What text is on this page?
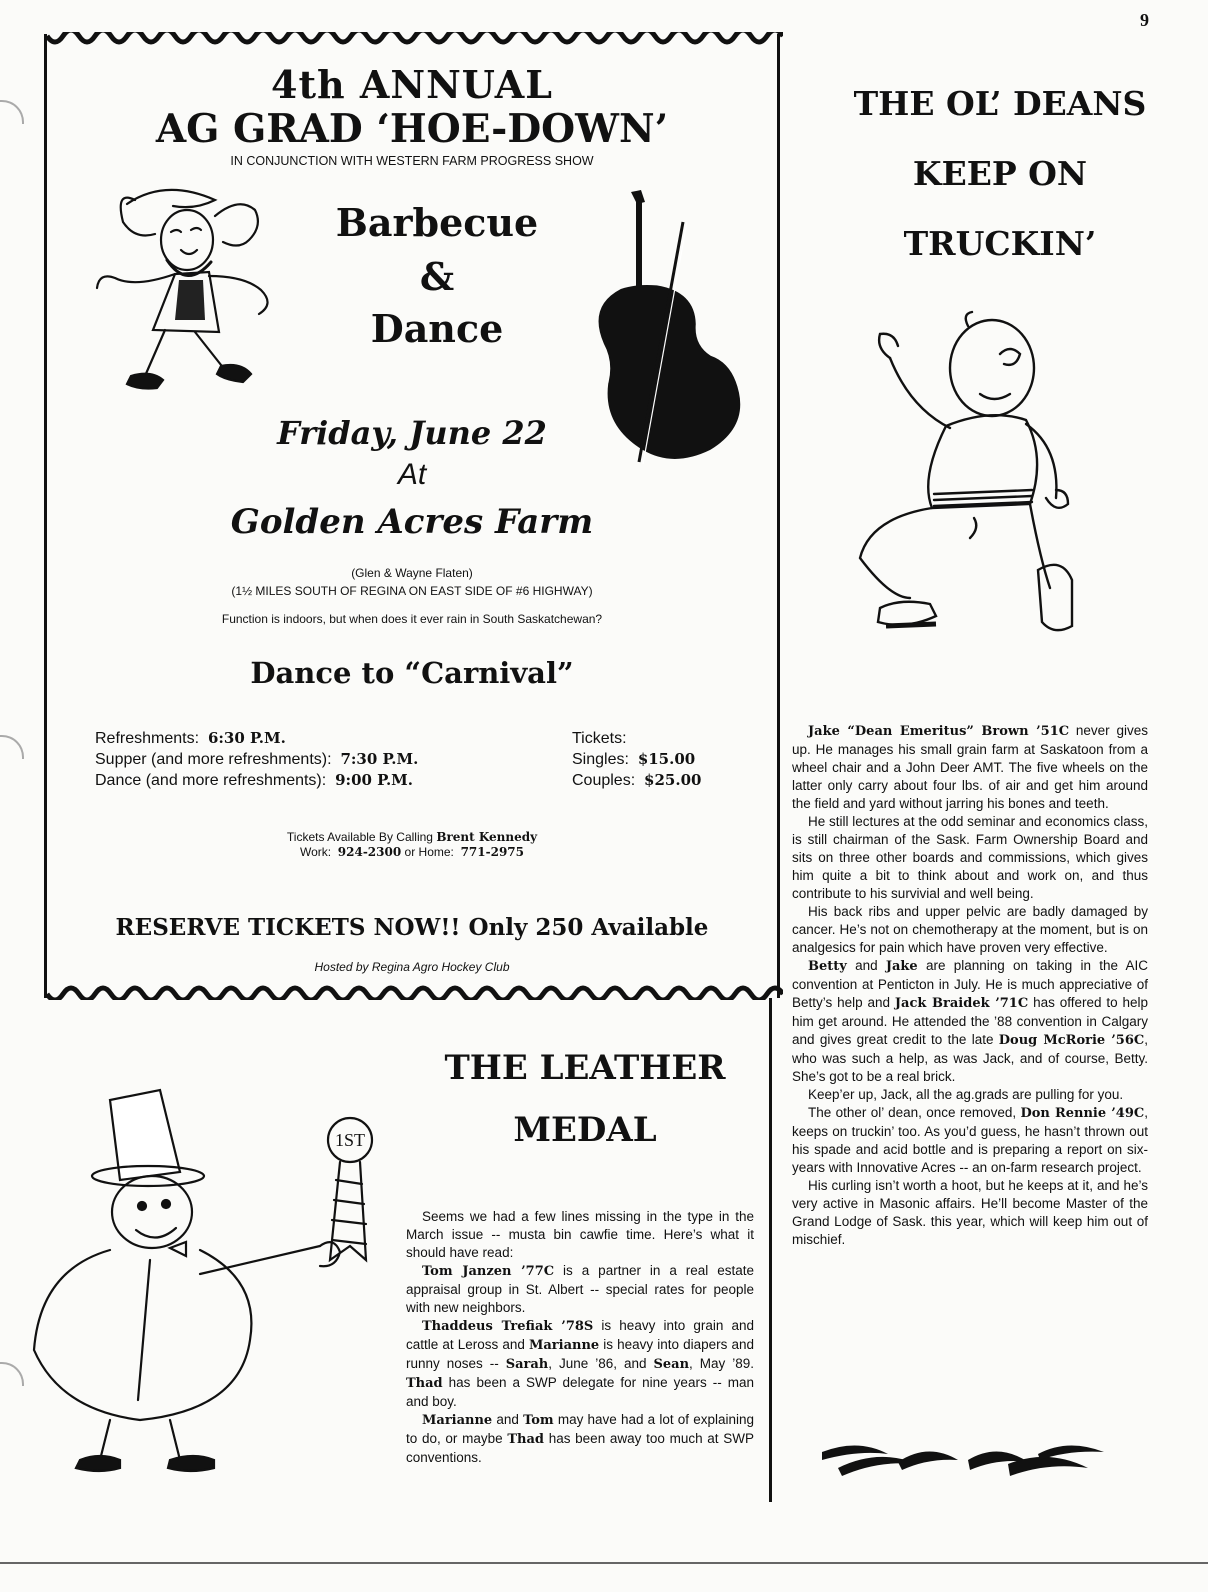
9
4th ANNUAL
AG GRAD ‘HOE-DOWN’
IN CONJUNCTION WITH WESTERN FARM PROGRESS SHOW
Barbecue
&
Dance
Friday, June 22
At
Golden Acres Farm
(Glen & Wayne Flaten)
(1½ MILES SOUTH OF REGINA ON EAST SIDE OF #6 HIGHWAY)
Function is indoors, but when does it ever rain in South Saskatchewan?
Dance to “Carnival”
Refreshments: 6:30 P.M.
Supper (and more refreshments): 7:30 P.M.
Dance (and more refreshments): 9:00 P.M.
Tickets:
Singles: $15.00
Couples: $25.00
Tickets Available By Calling Brent Kennedy
Work: 924-2300 or Home: 771-2975
RESERVE TICKETS NOW!! Only 250 Available
Hosted by Regina Agro Hockey Club
THE OL’ DEANS
KEEP ON
TRUCKIN’

Jake “Dean Emeritus” Brown ’51C never gives up. He manages his small grain farm at Saskatoon from a wheel chair and a John Deer AMT. The five wheels on the latter only carry about four lbs. of air and get him around the field and yard without jarring his bones and teeth.

He still lectures at the odd seminar and economics class, is still chairman of the Sask. Farm Ownership Board and sits on three other boards and commissions, which gives him quite a bit to think about and work on, and thus contribute to his survivial and well being.

His back ribs and upper pelvic are badly damaged by cancer. He’s not on chemotherapy at the moment, but is on analgesics for pain which have proven very effective.

Betty and Jake are planning on taking in the AIC convention at Penticton in July. He is much appreciative of Betty’s help and Jack Braidek ’71C has offered to help him get around. He attended the ’88 convention in Calgary and gives great credit to the late Doug McRorie ’56C, who was such a help, as was Jack, and of course, Betty. She’s got to be a real brick.

Keep’er up, Jack, all the ag.grads are pulling for you.

The other ol’ dean, once removed, Don Rennie ’49C, keeps on truckin’ too. As you’d guess, he hasn’t thrown out his spade and acid bottle and is preparing a report on six-years with Innovative Acres -- an on-farm research project.

His curling isn’t worth a hoot, but he keeps at it, and he’s very active in Masonic affairs. He’ll become Master of the Grand Lodge of Sask. this year, which will keep him out of mischief.

1ST
THE LEATHER
MEDAL

Seems we had a few lines missing in the type in the March issue -- musta bin cawfie time. Here’s what it should have read:

Tom Janzen ’77C is a partner in a real estate appraisal group in St. Albert -- special rates for people with new neighbors.

Thaddeus Trefiak ’78S is heavy into grain and cattle at Leross and Marianne is heavy into diapers and runny noses -- Sarah, June ’86, and Sean, May ’89. Thad has been a SWP delegate for nine years -- man and boy.

Marianne and Tom may have had a lot of explaining to do, or maybe Thad has been away too much at SWP conventions.
